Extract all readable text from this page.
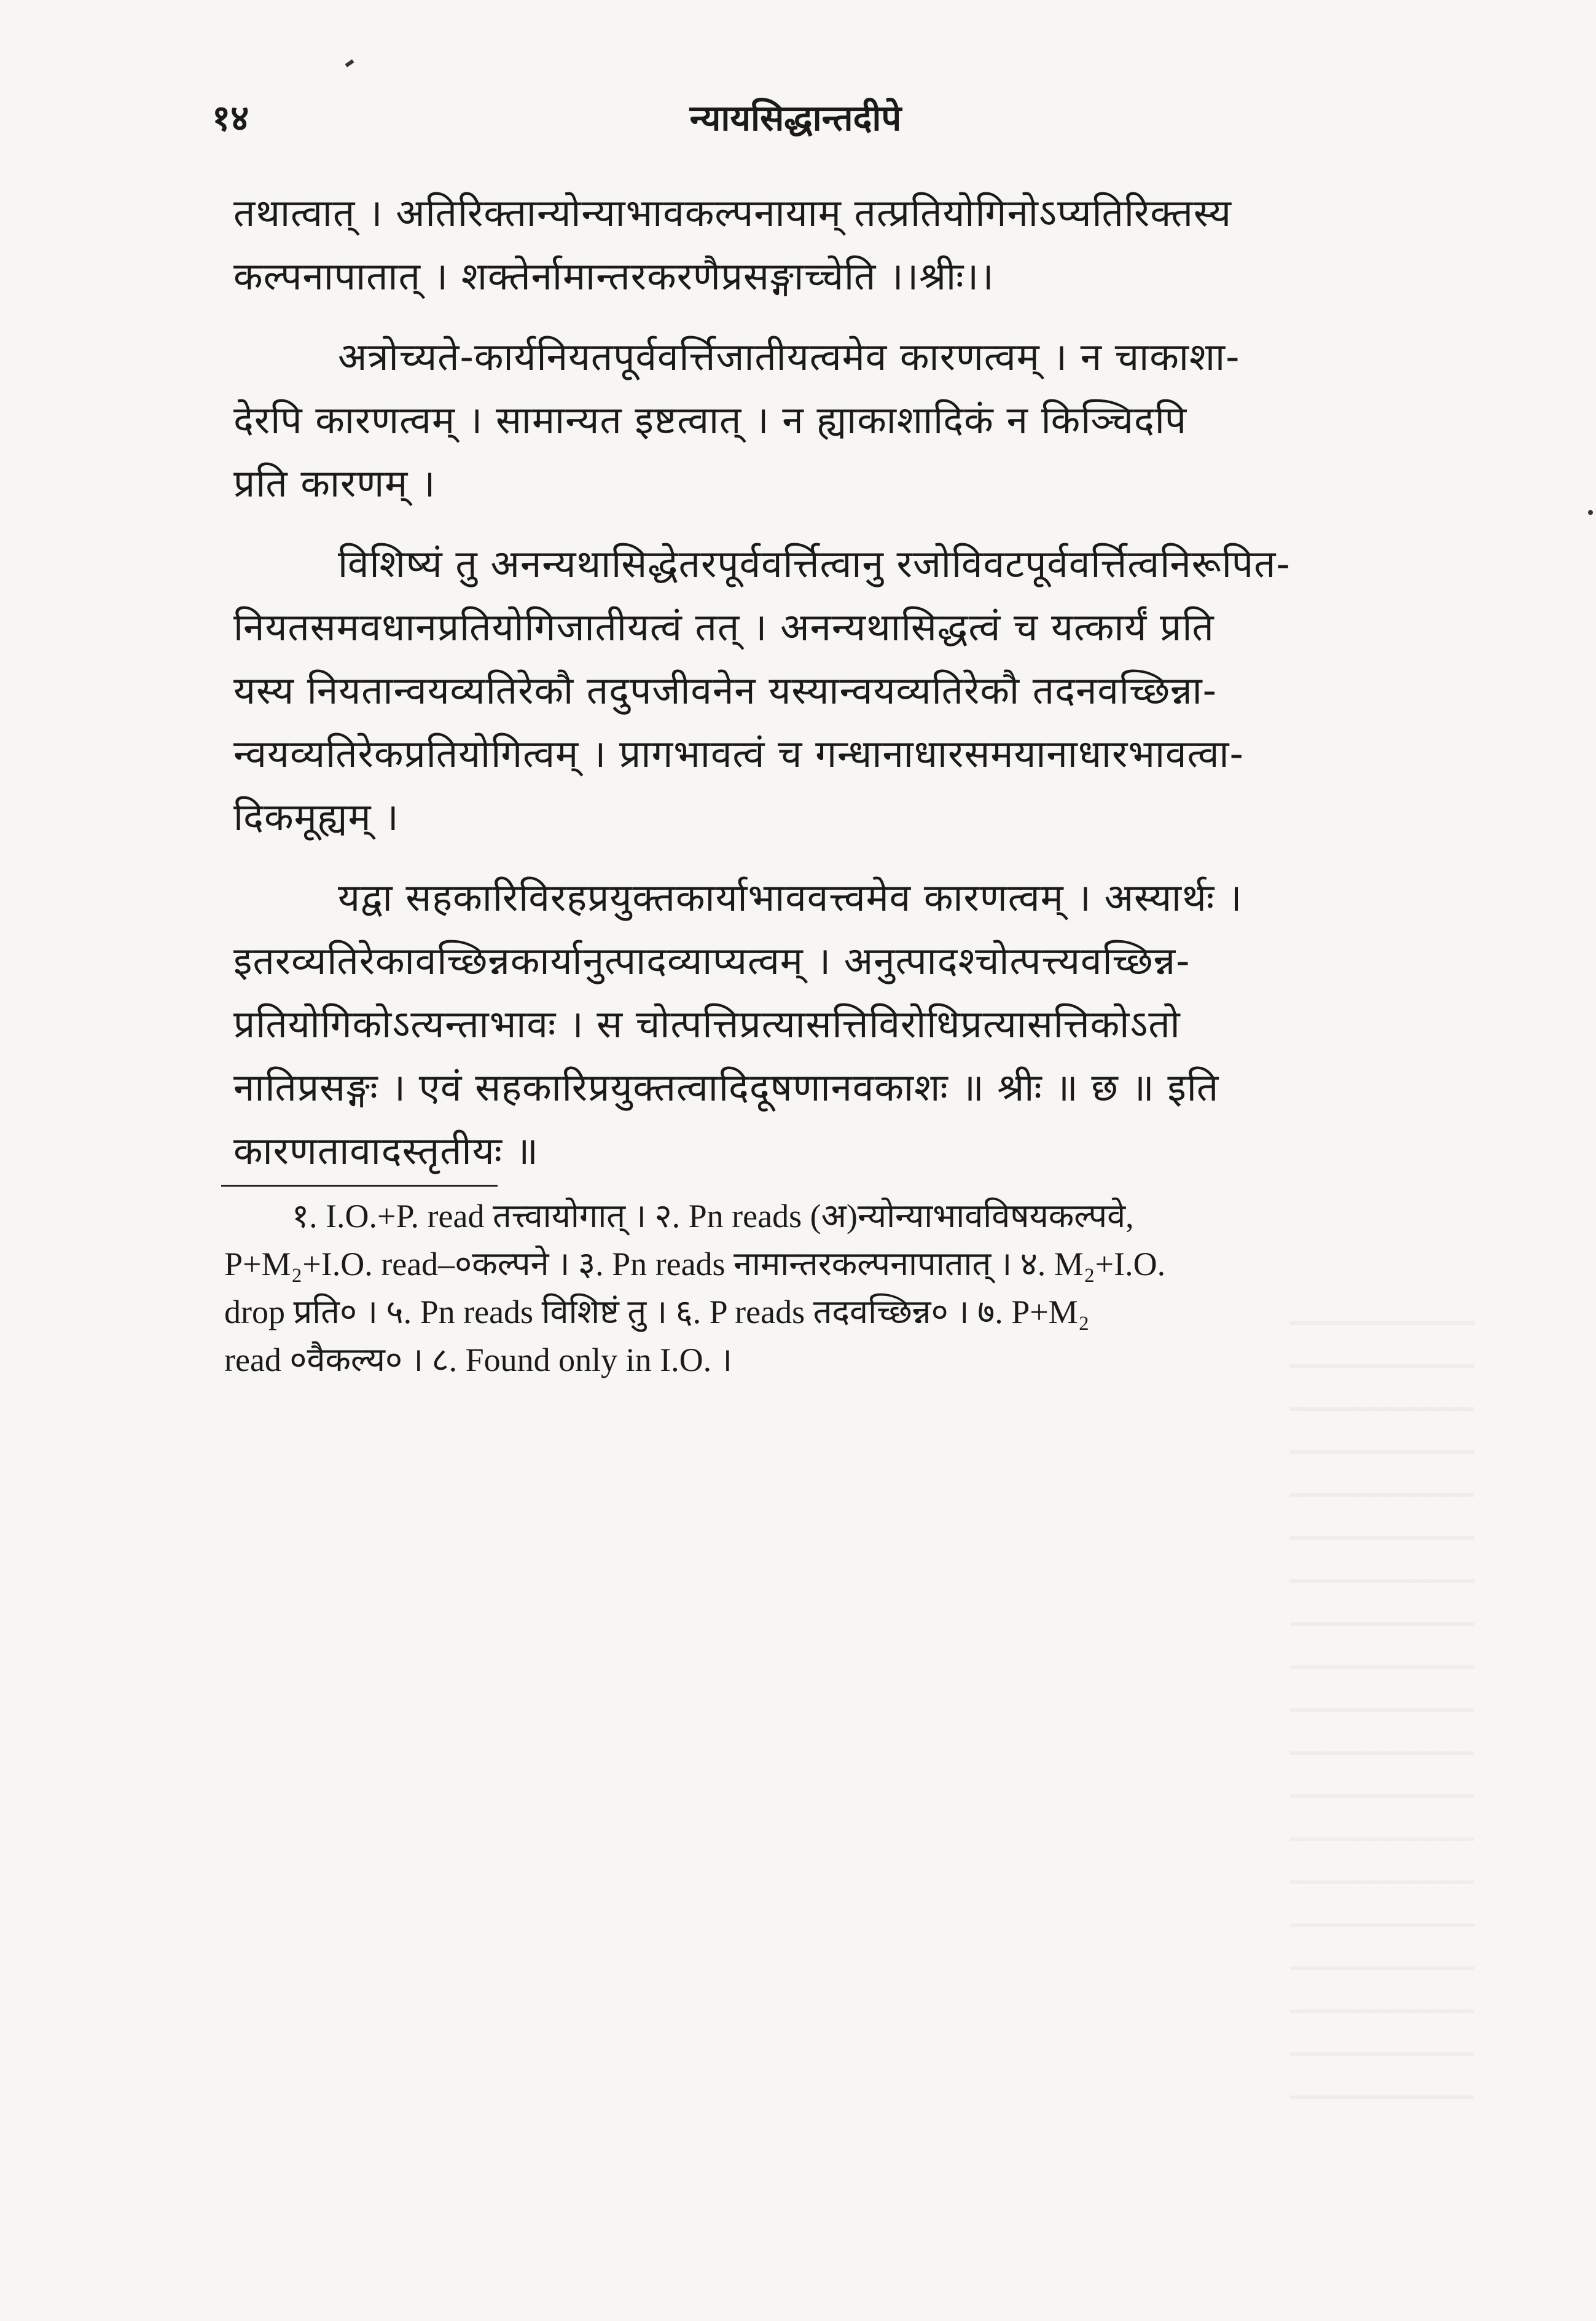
१४	न्यायसिद्धान्तदीपे
तथात्वात् । अतिरिक्तान्योन्याभावकल्पनायाम् तत्प्रतियोगिनोऽप्यतिरिक्तस्य
कल्पनापातात् । शक्तेर्नामान्तरकरणैप्रसङ्गाच्चेति ।।श्रीः।।
अत्रोच्यते-कार्यनियतपूर्ववर्त्तिजातीयत्वमेव कारणत्वम् । न चाकाशा-
देरपि कारणत्वम् । सामान्यत इष्टत्वात् । न ह्याकाशादिकं न किञ्चिदपि
प्रति कारणम् ।
विशिष्यं तु अनन्यथासिद्धेतरपूर्ववर्त्तित्वानु रजोविवटपूर्ववर्त्तित्वनिरूपित-
नियतसमवधानप्रतियोगिजातीयत्वं तत् । अनन्यथासिद्धत्वं च यत्कार्यं प्रति
यस्य नियतान्वयव्यतिरेकौ तदुपजीवनेन यस्यान्वयव्यतिरेकौ तदनवच्छिन्ना-
न्वयव्यतिरेकप्रतियोगित्वम् । प्रागभावत्वं च गन्धानाधारसमयानाधारभावत्वा-
दिकमूह्यम् ।
यद्वा सहकारिविरहप्रयुक्तकार्याभाववत्त्वमेव कारणत्वम् । अस्यार्थः ।
इतरव्यतिरेकावच्छिन्नकार्यानुत्पादव्याप्यत्वम् । अनुत्पादश्चोत्पत्त्यवच्छिन्न-
प्रतियोगिकोऽत्यन्ताभावः । स चोत्पत्तिप्रत्यासत्तिविरोधिप्रत्यासत्तिकोऽतो
नातिप्रसङ्गः । एवं सहकारिप्रयुक्तत्वादिदूषणानवकाशः ॥ श्रीः ॥ छ ॥ इति
कारणतावादस्तृतीयः ॥
१. I.O.+P. read तत्त्वायोगात् । २. Pn reads (अ)न्योन्याभावविषयकल्पवे,
P+M₂+I.O. read–०कल्पने । ३. Pn reads नामान्तरकल्पनापातात् । ४. M₂+I.O.
drop प्रति० । ५. Pn reads विशिष्टं तु । ६. P reads तदवच्छिन्न० । ७. P+M₂
read ०वैकल्य० । ८. Found only in I.O. ।
